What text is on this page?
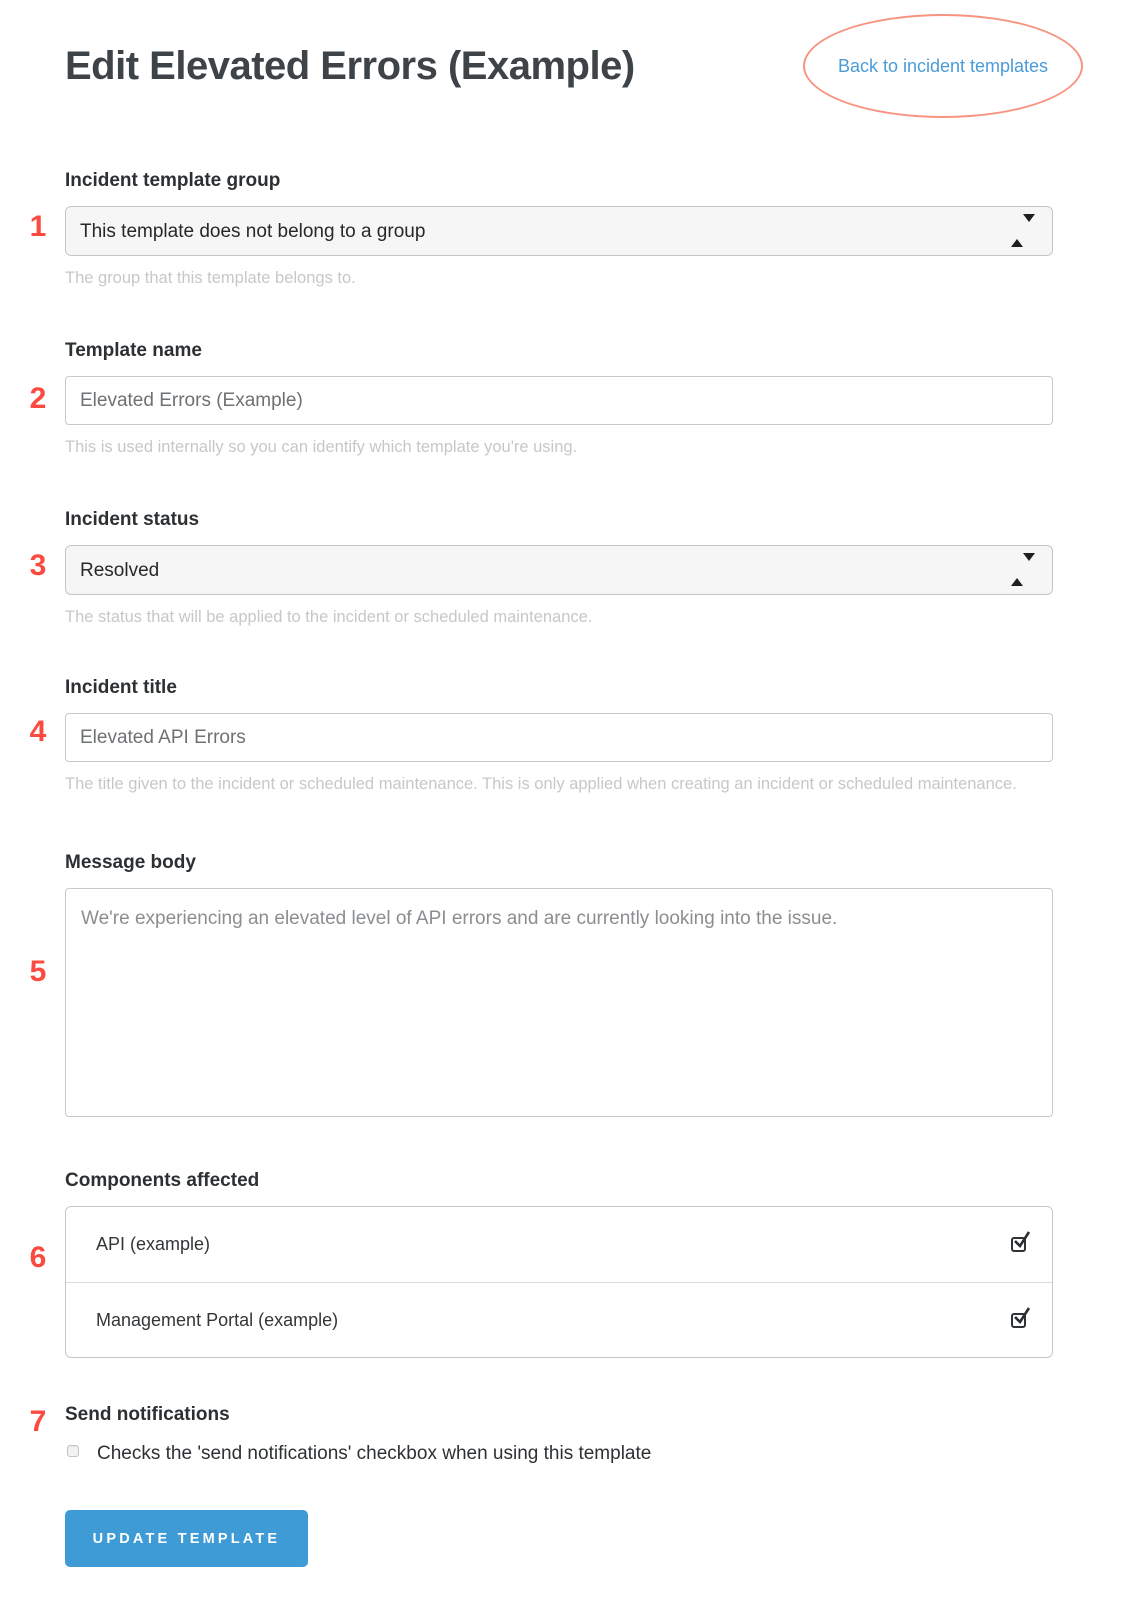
Edit Elevated Errors (Example)	Back to incident templates
1
Incident template group
This template does not belong to a group
The group that this template belongs to.
2
Template name
Elevated Errors (Example)
This is used internally so you can identify which template you're using.
3
Incident status
Resolved
The status that will be applied to the incident or scheduled maintenance.
4
Incident title
Elevated API Errors
The title given to the incident or scheduled maintenance. This is only applied when creating an incident or scheduled maintenance.
5
Message body
We're experiencing an elevated level of API errors and are currently looking into the issue.
6
Components affected
API (example)
Management Portal (example)
7 Send notifications
Checks the 'send notifications' checkbox when using this template
UPDATE TEMPLATE
